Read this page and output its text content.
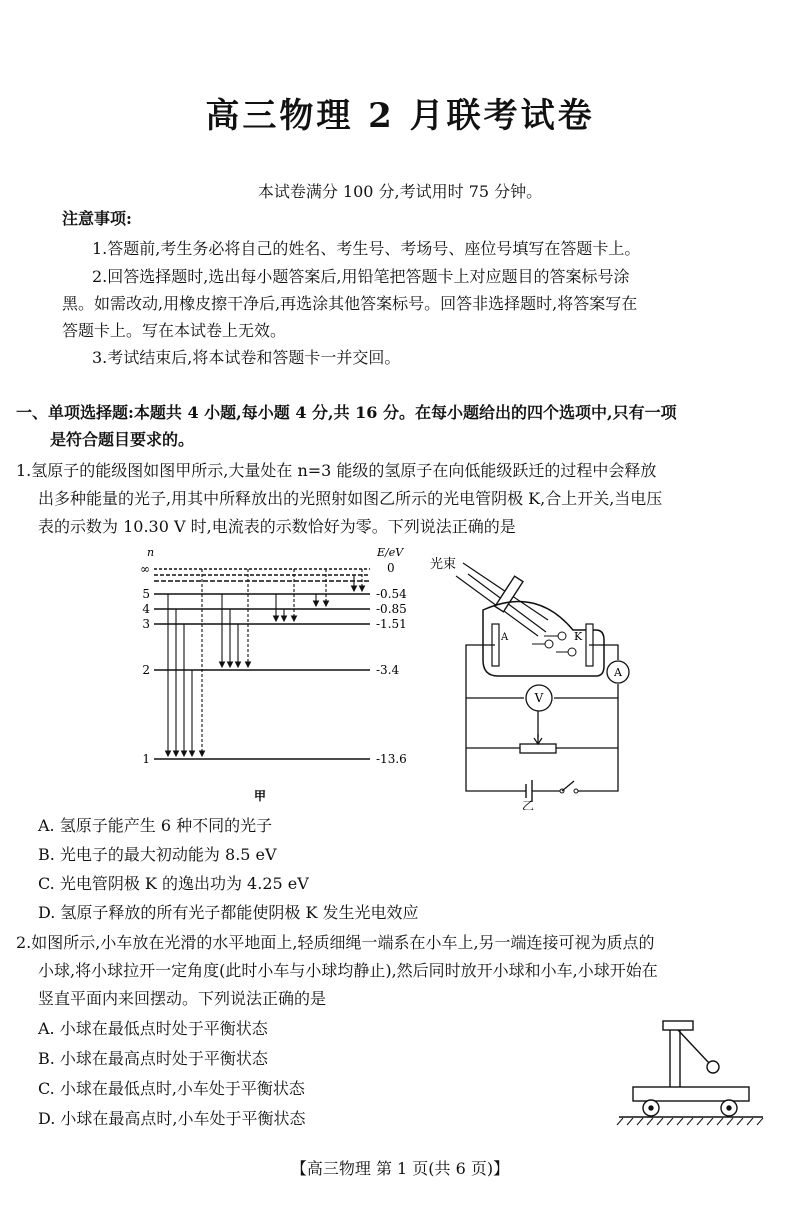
高三物理 2 月联考试卷
本试卷满分 100 分,考试用时 75 分钟。
注意事项:
1.答题前,考生务必将自己的姓名、考生号、考场号、座位号填写在答题卡上。
2.回答选择题时,选出每小题答案后,用铅笔把答题卡上对应题目的答案标号涂
黑。如需改动,用橡皮擦干净后,再选涂其他答案标号。回答非选择题时,将答案写在
答题卡上。写在本试卷上无效。
3.考试结束后,将本试卷和答题卡一并交回。
一、单项选择题:本题共 4 小题,每小题 4 分,共 16 分。在每小题给出的四个选项中,只有一项
是符合题目要求的。
1.氢原子的能级图如图甲所示,大量处在 n=3 能级的氢原子在向低能级跃迁的过程中会释放
出多种能量的光子,用其中所释放出的光照射如图乙所示的光电管阴极 K,合上开关,当电压
表的示数为 10.30 V 时,电流表的示数恰好为零。下列说法正确的是
n	E/eV
∞
5
4
3
2
1
0
-0.54
-0.85
-1.51
-3.4
-13.6
甲
光束
A	K
A
V
乙
A. 氢原子能产生 6 种不同的光子
B. 光电子的最大初动能为 8.5 eV
C. 光电管阴极 K 的逸出功为 4.25 eV
D. 氢原子释放的所有光子都能使阴极 K 发生光电效应
2.如图所示,小车放在光滑的水平地面上,轻质细绳一端系在小车上,另一端连接可视为质点的
小球,将小球拉开一定角度(此时小车与小球均静止),然后同时放开小球和小车,小球开始在
竖直平面内来回摆动。下列说法正确的是
A. 小球在最低点时处于平衡状态
B. 小球在最高点时处于平衡状态
C. 小球在最低点时,小车处于平衡状态
D. 小球在最高点时,小车处于平衡状态
【高三物理 第 1 页(共 6 页)】
